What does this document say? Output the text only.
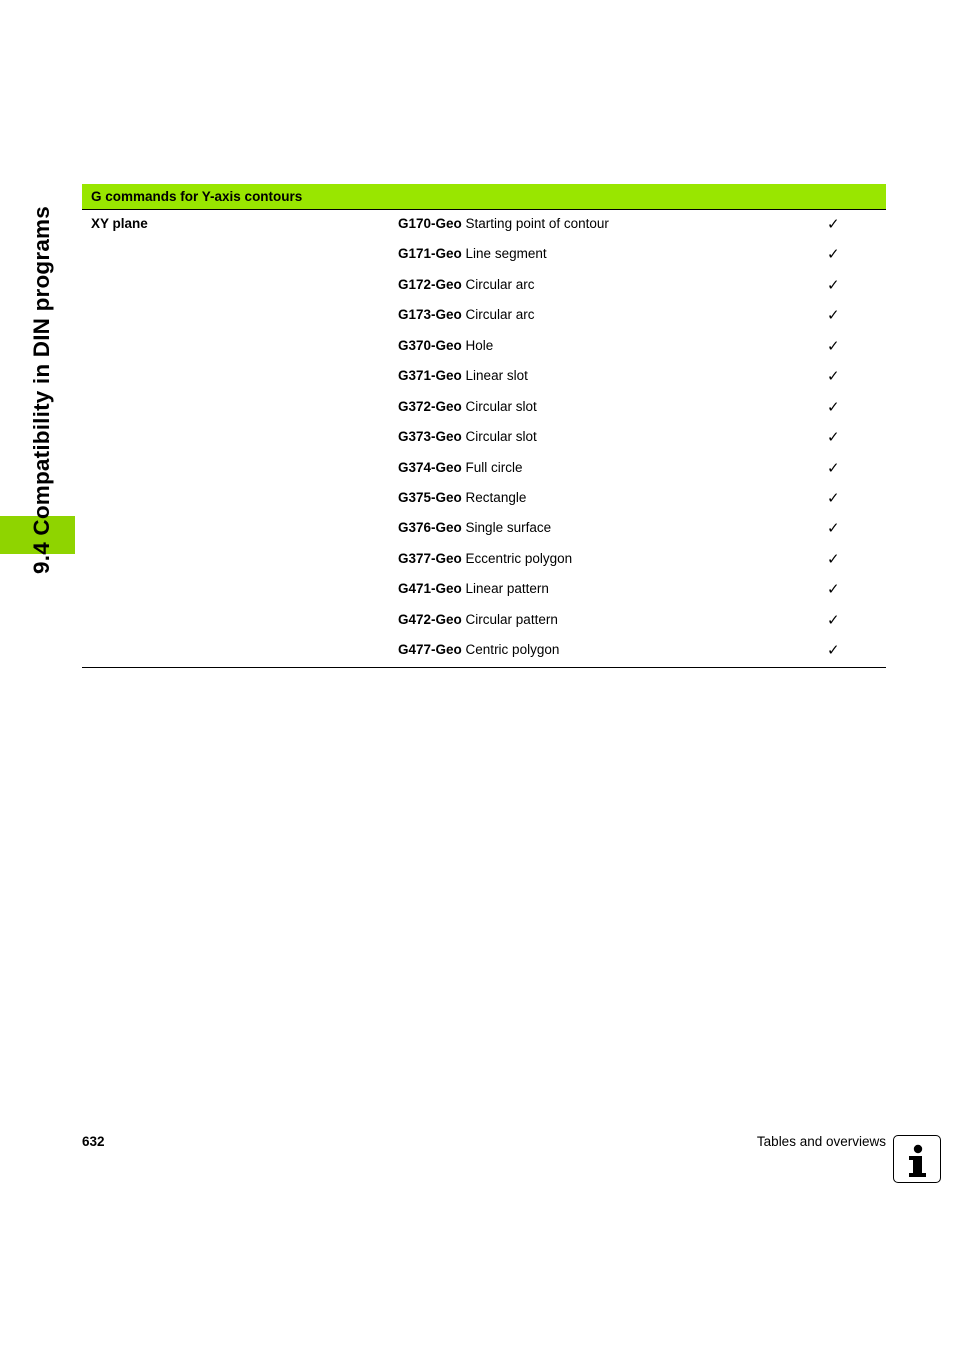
9.4 Compatibility in DIN programs
G commands for Y-axis contours
XY plane	G170-Geo Starting point of contour	✓
G171-Geo Line segment	✓
G172-Geo Circular arc	✓
G173-Geo Circular arc	✓
G370-Geo Hole	✓
G371-Geo Linear slot	✓
G372-Geo Circular slot	✓
G373-Geo Circular slot	✓
G374-Geo Full circle	✓
G375-Geo Rectangle	✓
G376-Geo Single surface	✓
G377-Geo Eccentric polygon	✓
G471-Geo Linear pattern	✓
G472-Geo Circular pattern	✓
G477-Geo Centric polygon	✓
632	Tables and overviews
